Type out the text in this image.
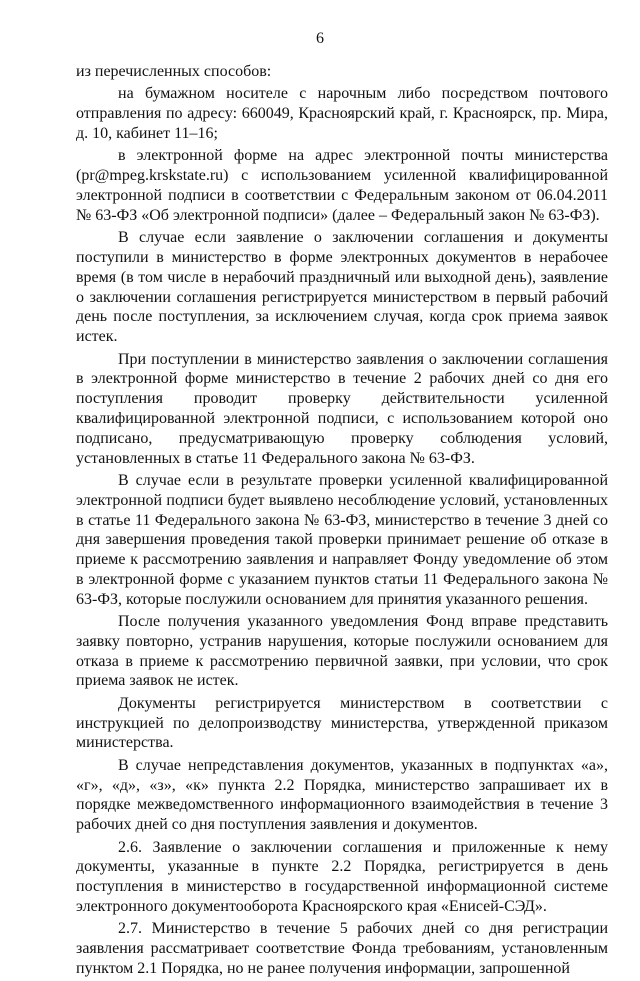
6

из перечисленных способов:

на бумажном носителе с нарочным либо посредством почтового отправления по адресу: 660049, Красноярский край, г. Красноярск, пр. Мира, д. 10, кабинет 11–16;

в электронной форме на адрес электронной почты министерства (pr@mpeg.krskstate.ru) с использованием усиленной квалифицированной электронной подписи в соответствии с Федеральным законом от 06.04.2011 № 63-ФЗ «Об электронной подписи» (далее – Федеральный закон № 63-ФЗ).

В случае если заявление о заключении соглашения и документы поступили в министерство в форме электронных документов в нерабочее время (в том числе в нерабочий праздничный или выходной день), заявление о заключении соглашения регистрируется министерством в первый рабочий день после поступления, за исключением случая, когда срок приема заявок истек.

При поступлении в министерство заявления о заключении соглашения в электронной форме министерство в течение 2 рабочих дней со дня его поступления проводит проверку действительности усиленной квалифицированной электронной подписи, с использованием которой оно подписано, предусматривающую проверку соблюдения условий, установленных в статье 11 Федерального закона № 63-ФЗ.

В случае если в результате проверки усиленной квалифицированной электронной подписи будет выявлено несоблюдение условий, установленных в статье 11 Федерального закона № 63-ФЗ, министерство в течение 3 дней со дня завершения проведения такой проверки принимает решение об отказе в приеме к рассмотрению заявления и направляет Фонду уведомление об этом в электронной форме с указанием пунктов статьи 11 Федерального закона № 63-ФЗ, которые послужили основанием для принятия указанного решения.

После получения указанного уведомления Фонд вправе представить заявку повторно, устранив нарушения, которые послужили основанием для отказа в приеме к рассмотрению первичной заявки, при условии, что срок приема заявок не истек.

Документы регистрируется министерством в соответствии с инструкцией по делопроизводству министерства, утвержденной приказом министерства.

В случае непредставления документов, указанных в подпунктах «а», «г», «д», «з», «к» пункта 2.2 Порядка, министерство запрашивает их в порядке межведомственного информационного взаимодействия в течение 3 рабочих дней со дня поступления заявления и документов.

2.6. Заявление о заключении соглашения и приложенные к нему документы, указанные в пункте 2.2 Порядка, регистрируется в день поступления в министерство в государственной информационной системе электронного документооборота Красноярского края «Енисей-СЭД».

2.7. Министерство в течение 5 рабочих дней со дня регистрации заявления рассматривает соответствие Фонда требованиям, установленным пунктом 2.1 Порядка, но не ранее получения информации, запрошенной
